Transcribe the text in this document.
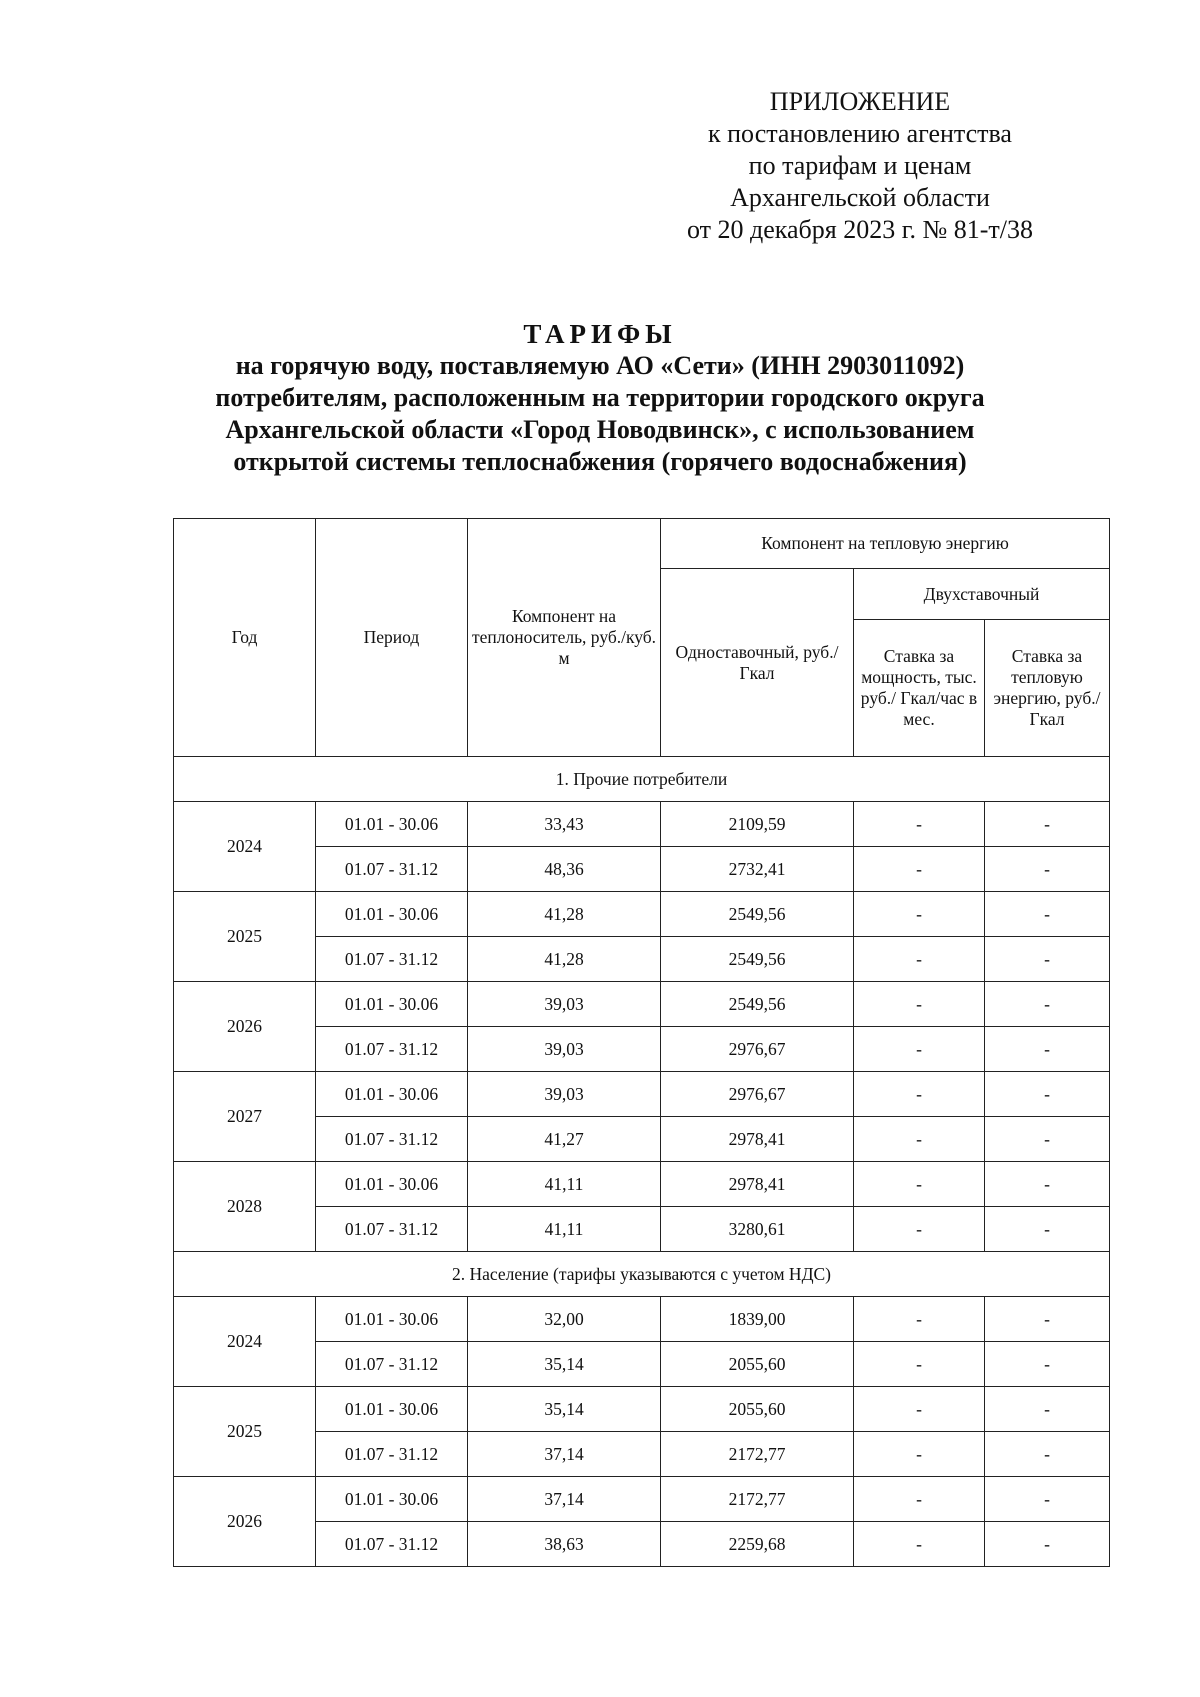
ПРИЛОЖЕНИЕ
к постановлению агентства
по тарифам и ценам
Архангельской области
от 20 декабря 2023 г. № 81-т/38
ТАРИФЫ
на горячую воду, поставляемую АО «Сети» (ИНН 2903011092)
потребителям, расположенным на территории городского округа
Архангельской области «Город Новодвинск», с использованием
открытой системы теплоснабжения (горячего водоснабжения)
Год	Период	Компонент на теплоноситель, руб./куб. м	Компонент на тепловую энергию		
			Одноставочный, руб./Гкал	Двухставочный	
				Ставка за мощность, тыс. руб./ Гкал/час в мес.	Ставка за тепловую энергию, руб./Гкал
1. Прочие потребители					
2024	01.01 - 30.06	33,43	2109,59	-	-
	01.07 - 31.12	48,36	2732,41	-	-
2025	01.01 - 30.06	41,28	2549,56	-	-
	01.07 - 31.12	41,28	2549,56	-	-
2026	01.01 - 30.06	39,03	2549,56	-	-
	01.07 - 31.12	39,03	2976,67	-	-
2027	01.01 - 30.06	39,03	2976,67	-	-
	01.07 - 31.12	41,27	2978,41	-	-
2028	01.01 - 30.06	41,11	2978,41	-	-
	01.07 - 31.12	41,11	3280,61	-	-
2. Население (тарифы указываются с учетом НДС)					
2024	01.01 - 30.06	32,00	1839,00	-	-
	01.07 - 31.12	35,14	2055,60	-	-
2025	01.01 - 30.06	35,14	2055,60	-	-
	01.07 - 31.12	37,14	2172,77	-	-
2026	01.01 - 30.06	37,14	2172,77	-	-
	01.07 - 31.12	38,63	2259,68	-	-
